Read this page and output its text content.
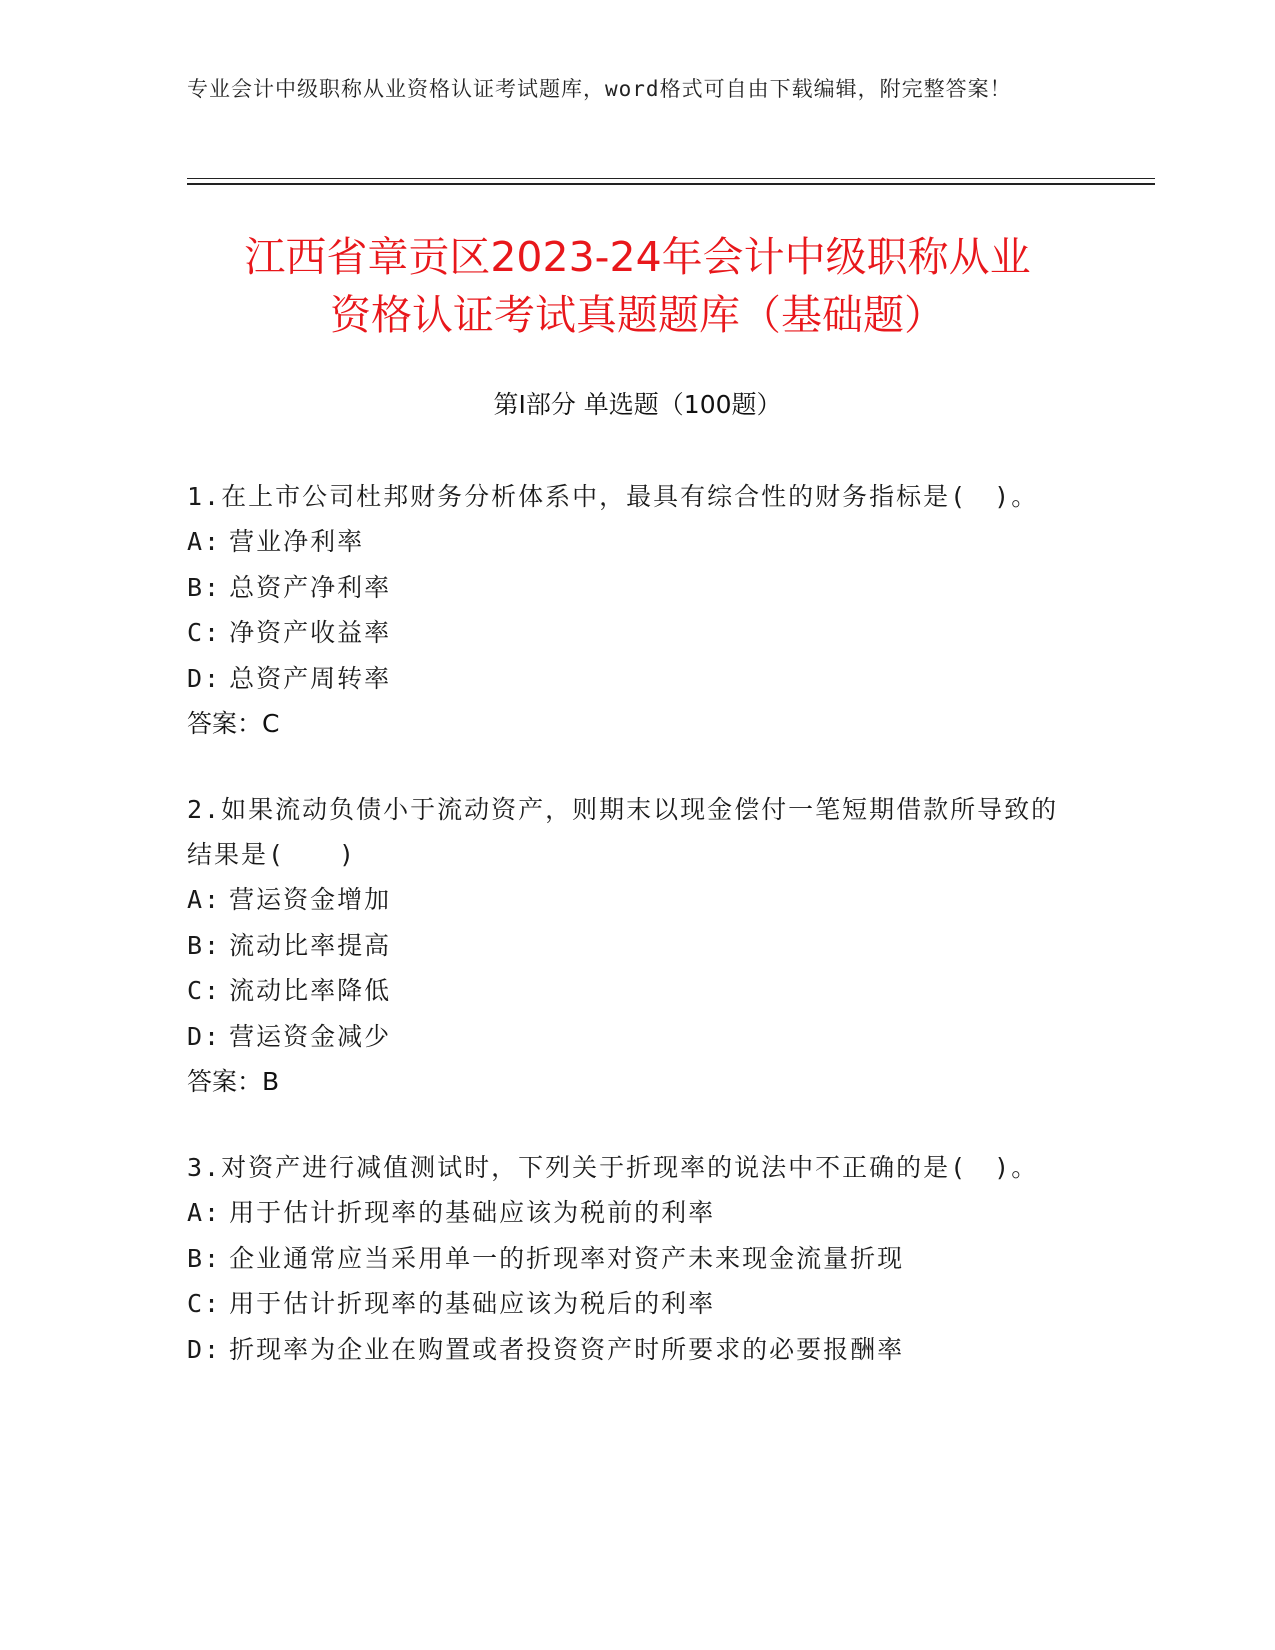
专业会计中级职称从业资格认证考试题库，word格式可自由下载编辑，附完整答案！
江西省章贡区2023-24年会计中级职称从业
资格认证考试真题题库（基础题）
第Ⅰ部分 单选题（100题）

1.在上市公司杜邦财务分析体系中，最具有综合性的财务指标是(　)。

A: 营业净利率

B: 总资产净利率

C: 净资产收益率

D: 总资产周转率

答案：C

2.如果流动负债小于流动资产，则期末以现金偿付一笔短期借款所导致的结果是(　　)

A: 营运资金增加

B: 流动比率提高

C: 流动比率降低

D: 营运资金减少

答案：B

3.对资产进行减值测试时，下列关于折现率的说法中不正确的是(　)。

A: 用于估计折现率的基础应该为税前的利率

B: 企业通常应当采用单一的折现率对资产未来现金流量折现

C: 用于估计折现率的基础应该为税后的利率

D: 折现率为企业在购置或者投资资产时所要求的必要报酬率
